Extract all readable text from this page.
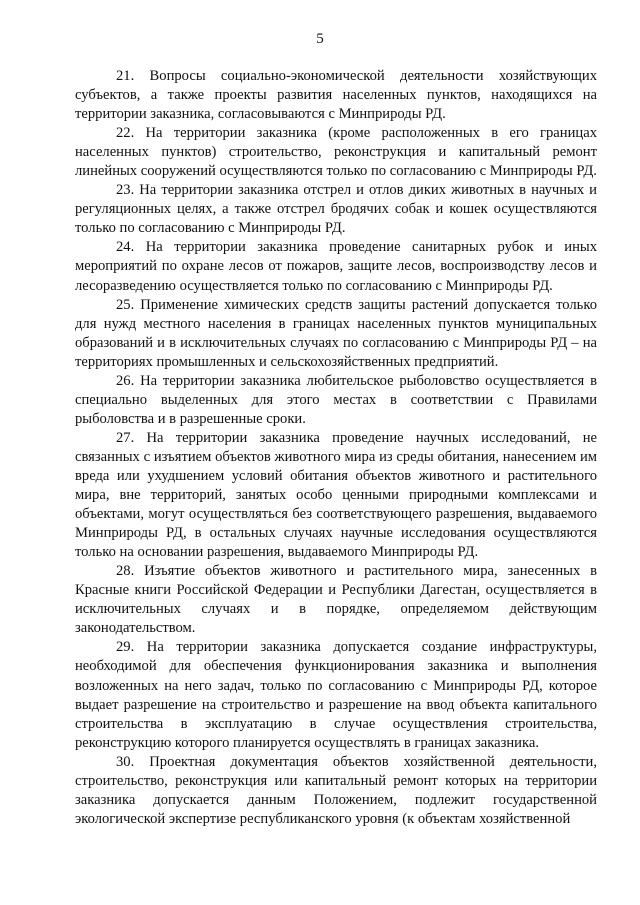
5

21. Вопросы социально-экономической деятельности хозяйствующих субъектов, а также проекты развития населенных пунктов, находящихся на территории заказника, согласовываются с Минприроды РД.

22. На территории заказника (кроме расположенных в его границах населенных пунктов) строительство, реконструкция и капитальный ремонт линейных сооружений осуществляются только по согласованию с Минприроды РД.

23. На территории заказника отстрел и отлов диких животных в научных и регуляционных целях, а также отстрел бродячих собак и кошек осуществляются только по согласованию с Минприроды РД.

24. На территории заказника проведение санитарных рубок и иных мероприятий по охране лесов от пожаров, защите лесов, воспроизводству лесов и лесоразведению осуществляется только по согласованию с Минприроды РД.

25. Применение химических средств защиты растений допускается только для нужд местного населения в границах населенных пунктов муниципальных образований и в исключительных случаях по согласованию с Минприроды РД – на территориях промышленных и сельскохозяйственных предприятий.

26. На территории заказника любительское рыболовство осуществляется в специально выделенных для этого местах в соответствии с Правилами рыболовства и в разрешенные сроки.

27. На территории заказника проведение научных исследований, не связанных с изъятием объектов животного мира из среды обитания, нанесением им вреда или ухудшением условий обитания объектов животного и растительного мира, вне территорий, занятых особо ценными природными комплексами и объектами, могут осуществляться без соответствующего разрешения, выдаваемого Минприроды РД, в остальных случаях научные исследования осуществляются только на основании разрешения, выдаваемого Минприроды РД.

28. Изъятие объектов животного и растительного мира, занесенных в Красные книги Российской Федерации и Республики Дагестан, осуществляется в исключительных случаях и в порядке, определяемом действующим законодательством.

29. На территории заказника допускается создание инфраструктуры, необходимой для обеспечения функционирования заказника и выполнения возложенных на него задач, только по согласованию с Минприроды РД, которое выдает разрешение на строительство и разрешение на ввод объекта капитального строительства в эксплуатацию в случае осуществления строительства, реконструкцию которого планируется осуществлять в границах заказника.

30. Проектная документация объектов хозяйственной деятельности, строительство, реконструкция или капитальный ремонт которых на территории заказника допускается данным Положением, подлежит государственной экологической экспертизе республиканского уровня (к объектам хозяйственной
